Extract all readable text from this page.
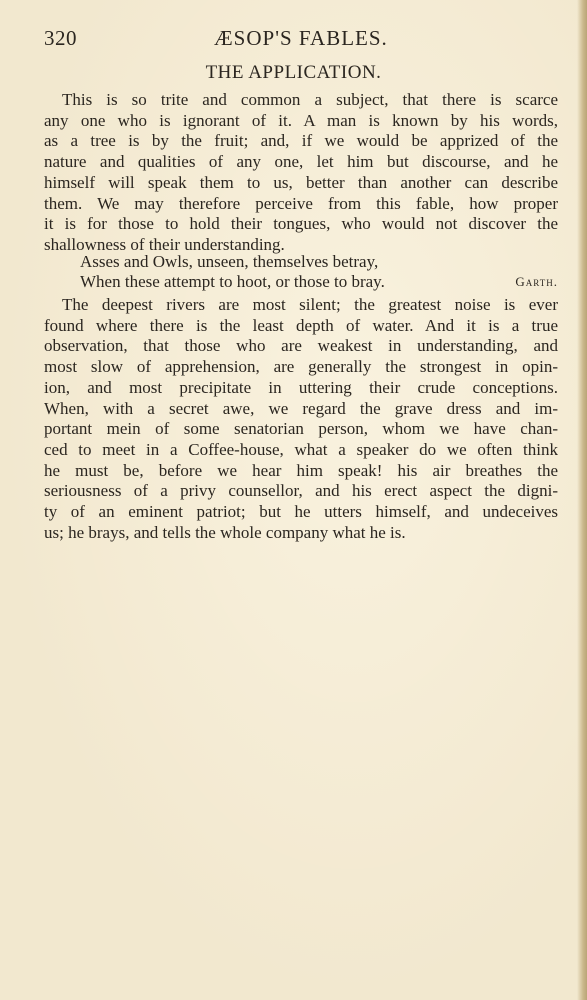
320	ÆSOP'S FABLES.
THE APPLICATION.
This is so trite and common a subject, that there is scarce
any one who is ignorant of it. A man is known by his words,
as a tree is by the fruit; and, if we would be apprized of the
nature and qualities of any one, let him but discourse, and he
himself will speak them to us, better than another can describe
them. We may therefore perceive from this fable, how proper
it is for those to hold their tongues, who would not discover the
shallowness of their understanding.
Asses and Owls, unseen, themselves betray,
When these attempt to hoot, or those to bray.	Garth.
The deepest rivers are most silent; the greatest noise is ever
found where there is the least depth of water. And it is a true
observation, that those who are weakest in understanding, and
most slow of apprehension, are generally the strongest in opin-
ion, and most precipitate in uttering their crude conceptions.
When, with a secret awe, we regard the grave dress and im-
portant mein of some senatorian person, whom we have chan-
ced to meet in a Coffee-house, what a speaker do we often think
he must be, before we hear him speak! his air breathes the
seriousness of a privy counsellor, and his erect aspect the digni-
ty of an eminent patriot; but he utters himself, and undeceives
us; he brays, and tells the whole company what he is.
